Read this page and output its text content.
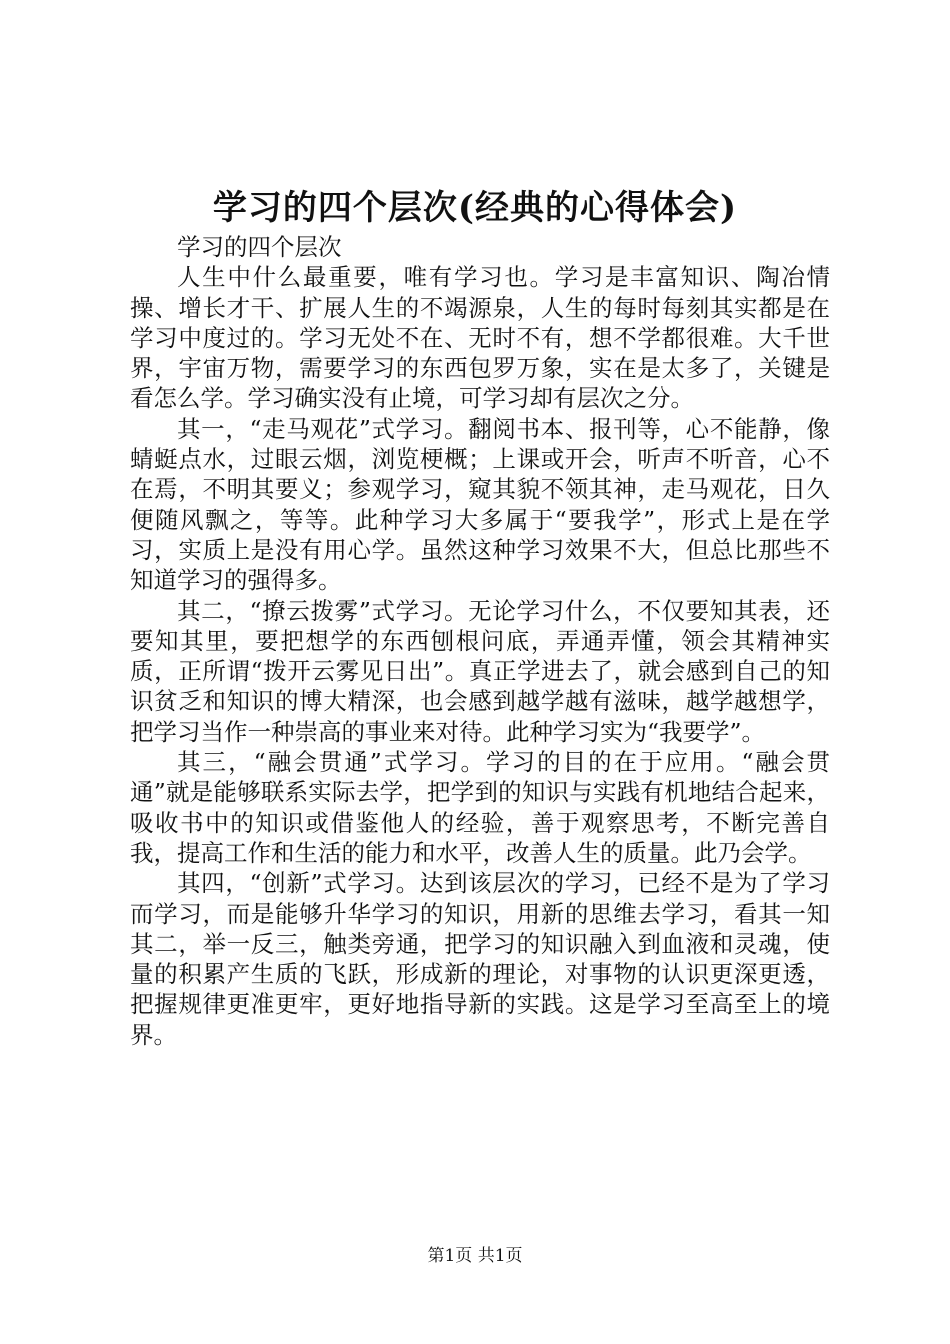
学习的四个层次(经典的心得体会)

学习的四个层次

人生中什么最重要，唯有学习也。学习是丰富知识、陶冶情操、增长才干、扩展人生的不竭源泉，人生的每时每刻其实都是在学习中度过的。学习无处不在、无时不有，想不学都很难。大千世界，宇宙万物，需要学习的东西包罗万象，实在是太多了，关键是看怎么学。学习确实没有止境，可学习却有层次之分。

其一，“走马观花”式学习。翻阅书本、报刊等，心不能静，像蜻蜓点水，过眼云烟，浏览梗概；上课或开会，听声不听音，心不在焉，不明其要义；参观学习，窥其貌不领其神，走马观花，日久便随风飘之，等等。此种学习大多属于“要我学”，形式上是在学习，实质上是没有用心学。虽然这种学习效果不大，但总比那些不知道学习的强得多。

其二，“撩云拨雾”式学习。无论学习什么，不仅要知其表，还要知其里，要把想学的东西刨根问底，弄通弄懂，领会其精神实质，正所谓“拨开云雾见日出”。真正学进去了，就会感到自己的知识贫乏和知识的博大精深，也会感到越学越有滋味，越学越想学，把学习当作一种崇高的事业来对待。此种学习实为“我要学”。

其三，“融会贯通”式学习。学习的目的在于应用。“融会贯通”就是能够联系实际去学，把学到的知识与实践有机地结合起来，吸收书中的知识或借鉴他人的经验，善于观察思考，不断完善自我，提高工作和生活的能力和水平，改善人生的质量。此乃会学。

其四，“创新”式学习。达到该层次的学习，已经不是为了学习而学习，而是能够升华学习的知识，用新的思维去学习，看其一知其二，举一反三，触类旁通，把学习的知识融入到血液和灵魂，使量的积累产生质的飞跃，形成新的理论，对事物的认识更深更透，把握规律更准更牢，更好地指导新的实践。这是学习至高至上的境界。

第1页 共1页
